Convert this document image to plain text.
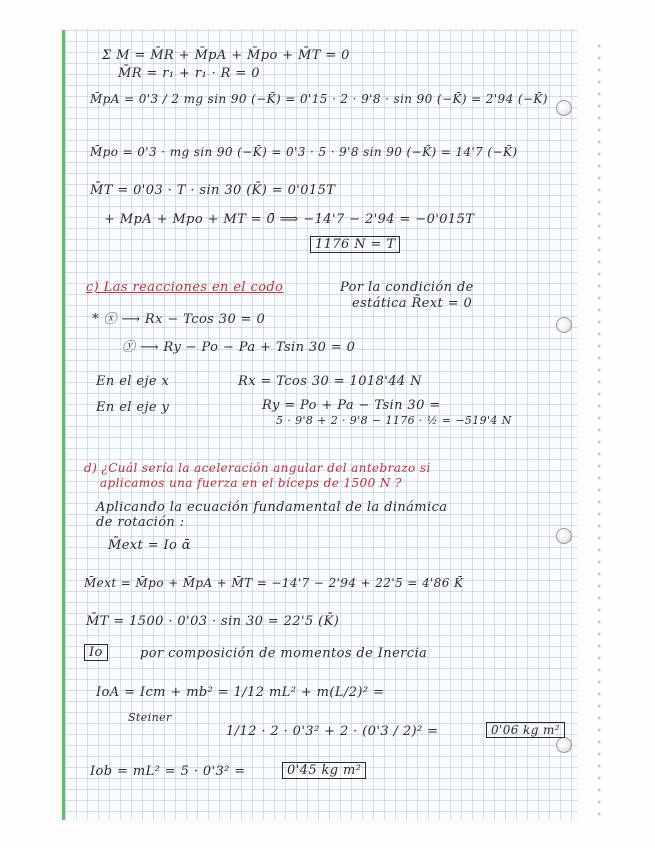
Σ M = M̄R + M̄pA + M̄po + M̄T = 0
M̄R = r₁ + r₁ · R = 0
M̄pA = 0'3 / 2 mg sin 90 (−K̄) = 0'15 · 2 · 9'8 · sin 90 (−K̄) = 2'94 (−K̄)
M̄po = 0'3 · mg sin 90 (−K̄) = 0'3 · 5 · 9'8 sin 90 (−K̄) = 14'7 (−K̄)
M̄T = 0'03 · T · sin 30 (K̄) = 0'015T
+ MpA + Mpo + MT = 0̄ ⟹ −14'7 − 2'94 = −0'015T
1176 N = T
c) Las reacciones en el codo	Por la condición de
estática R̄ext = 0
* ⓧ ⟶ Rx − Tcos 30 = 0
ⓨ ⟶ Ry − Po − Pa + Tsin 30 = 0
En el eje x	Rx = Tcos 30 = 1018'44 N
En el eje y	Ry = Po + Pa − Tsin 30 =
5 · 9'8 + 2 · 9'8 − 1176 · ½ = −519'4 N
d) ¿Cuál sería la aceleración angular del antebrazo si
aplicamos una fuerza en el bíceps de 1500 N ?
Aplicando la ecuación fundamental de la dinámica
de rotación :
M̄ext = Io ᾱ
M̄ext = M̄po + M̄pA + M̄T = −14'7 − 2'94 + 22'5 = 4'86 K̄
M̄T = 1500 · 0'03 · sin 30 = 22'5 (K̄)
Io	por composición de momentos de Inercia
IoA = Icm + mb² = 1/12 mL² + m(L/2)² =
Steiner
1/12 · 2 · 0'3² + 2 · (0'3 / 2)² =	0'06 kg m²
Iob = mL² = 5 · 0'3² =	0'45 kg m²
